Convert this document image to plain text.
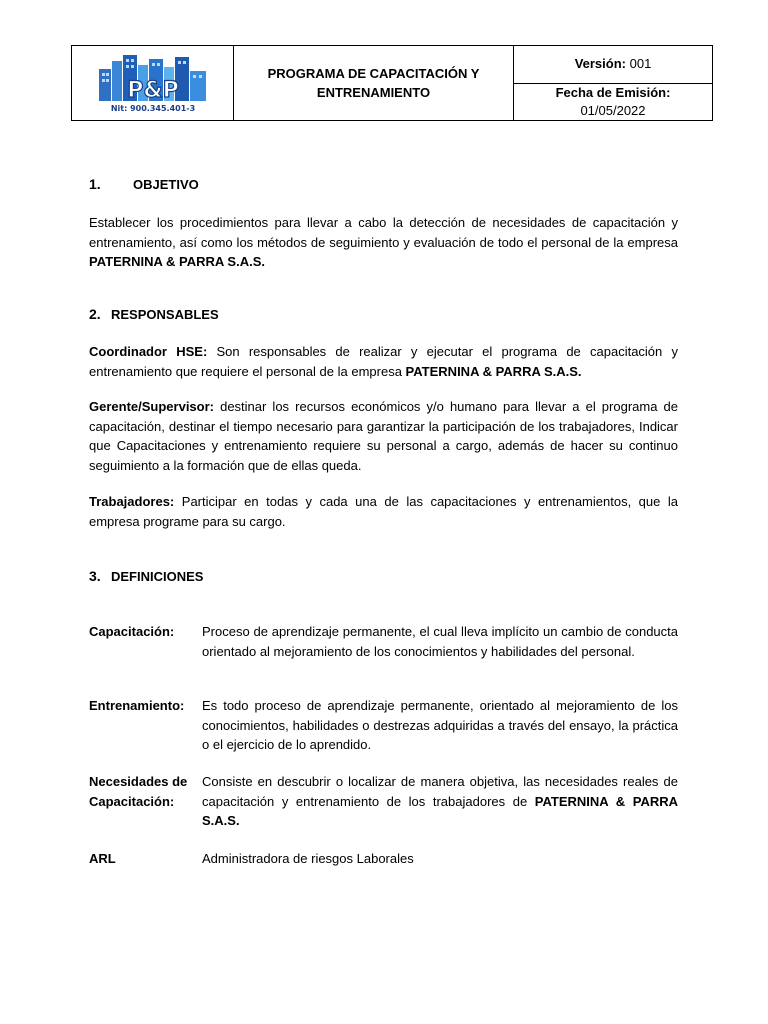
P&P
Nit: 900.345.401-3
PROGRAMA DE CAPACITACIÓN Y
ENTRENAMIENTO
Versión: 001
Fecha de Emisión:
01/05/2022
1. OBJETIVO
Establecer los procedimientos para llevar a cabo la detección de necesidades de capacitación y entrenamiento, así como los métodos de seguimiento y evaluación de todo el personal de la empresa PATERNINA & PARRA S.A.S.
2. RESPONSABLES
Coordinador HSE: Son responsables de realizar y ejecutar el programa de capacitación y entrenamiento que requiere el personal de la empresa PATERNINA & PARRA S.A.S.
Gerente/Supervisor: destinar los recursos económicos y/o humano para llevar a el programa de capacitación, destinar el tiempo necesario para garantizar la participación de los trabajadores, Indicar que Capacitaciones y entrenamiento requiere su personal a cargo, además de hacer su continuo seguimiento a la formación que de ellas queda.
Trabajadores: Participar en todas y cada una de las capacitaciones y entrenamientos, que la empresa programe para su cargo.
3. DEFINICIONES
Capacitación:	Proceso de aprendizaje permanente, el cual lleva implícito un cambio de conducta orientado al mejoramiento de los conocimientos y habilidades del personal.
Entrenamiento:	Es todo proceso de aprendizaje permanente, orientado al mejoramiento de los conocimientos, habilidades o destrezas adquiridas a través del ensayo, la práctica o el ejercicio de lo aprendido.
Necesidades de Capacitación:
Consiste en descubrir o localizar de manera objetiva, las necesidades reales de capacitación y entrenamiento de los trabajadores de PATERNINA & PARRA S.A.S.
ARL	Administradora de riesgos Laborales
